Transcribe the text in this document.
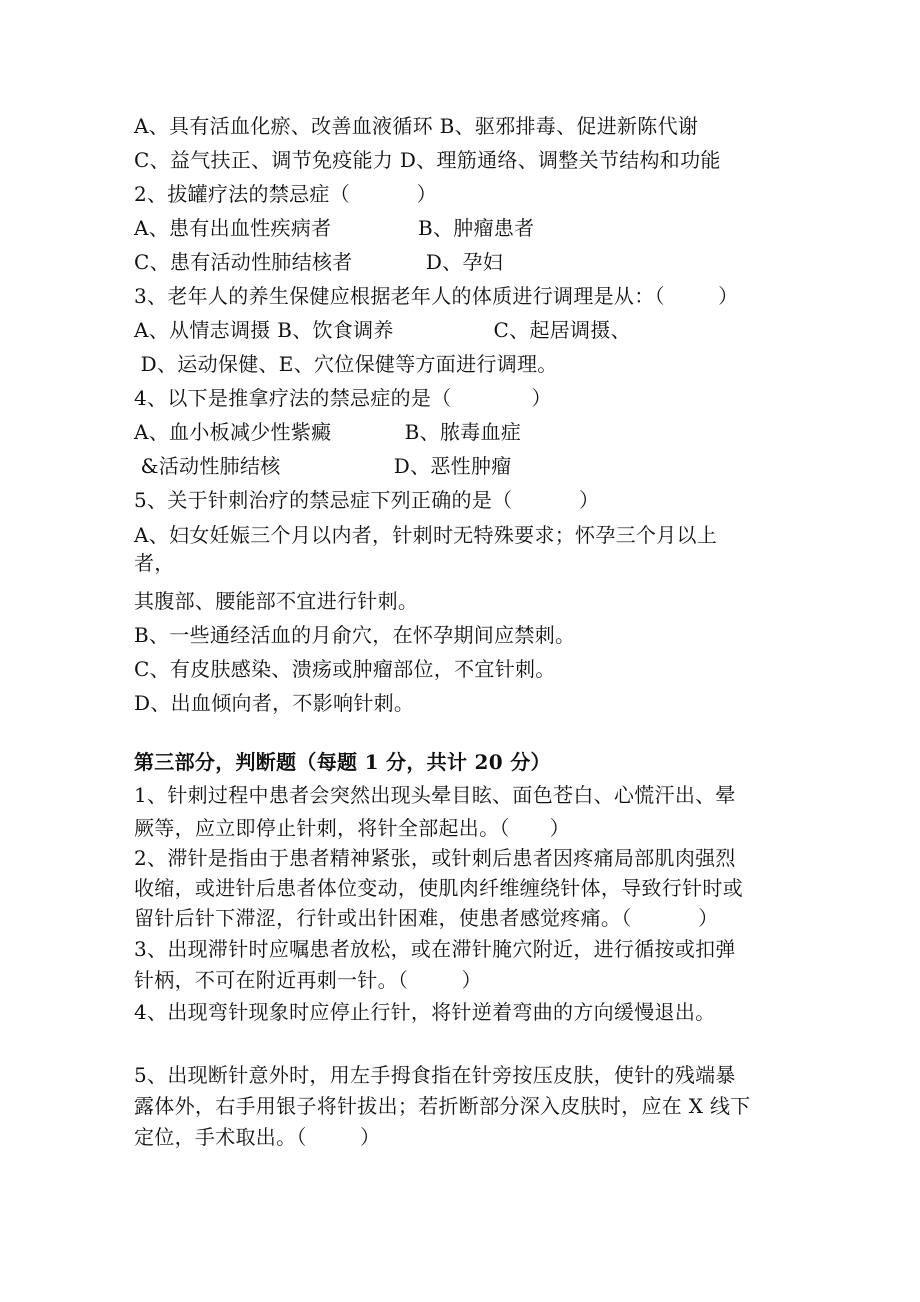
A、具有活血化瘀、改善血液循环 B、驱邪排毒、促进新陈代谢
C、益气扶正、调节免疫能力 D、理筋通络、调整关节结构和功能
2、拔罐疗法的禁忌症（          ）
A、患有出血性疾病者             B、肿瘤患者
C、患有活动性肺结核者           D、孕妇
3、老年人的养生保健应根据老年人的体质进行调理是从：（        ）
A、从情志调摄 B、饮食调养               C、起居调摄、
D、运动保健、E、穴位保健等方面进行调理。
4、以下是推拿疗法的禁忌症的是（            ）
A、血小板减少性紫癜           B、脓毒血症
&活动性肺结核                 D、恶性肿瘤
5、关于针刺治疗的禁忌症下列正确的是（          ）
A、妇女妊娠三个月以内者，针刺时无特殊要求；怀孕三个月以上
者，
其腹部、腰能部不宜进行针刺。
B、一些通经活血的月俞穴，在怀孕期间应禁刺。
C、有皮肤感染、溃疡或肿瘤部位，不宜针刺。
D、出血倾向者，不影响针刺。
第三部分，判断题（每题 1 分，共计 20 分）
1、针刺过程中患者会突然出现头晕目眩、面色苍白、心慌汗出、晕
厥等，应立即停止针刺，将针全部起出。（      ）
2、滞针是指由于患者精神紧张，或针刺后患者因疼痛局部肌肉强烈
收缩，或进针后患者体位变动，使肌肉纤维缠绕针体，导致行针时或
留针后针下滞涩，行针或出针困难，使患者感觉疼痛。（          ）
3、出现滞针时应嘱患者放松，或在滞针腌穴附近，进行循按或扣弹
针柄，不可在附近再刺一针。（        ）
4、出现弯针现象时应停止行针，将针逆着弯曲的方向缓慢退出。
5、出现断针意外时，用左手拇食指在针旁按压皮肤，使针的残端暴
露体外，右手用银子将针拔出；若折断部分深入皮肤时，应在 X 线下
定位，手术取出。（        ）
